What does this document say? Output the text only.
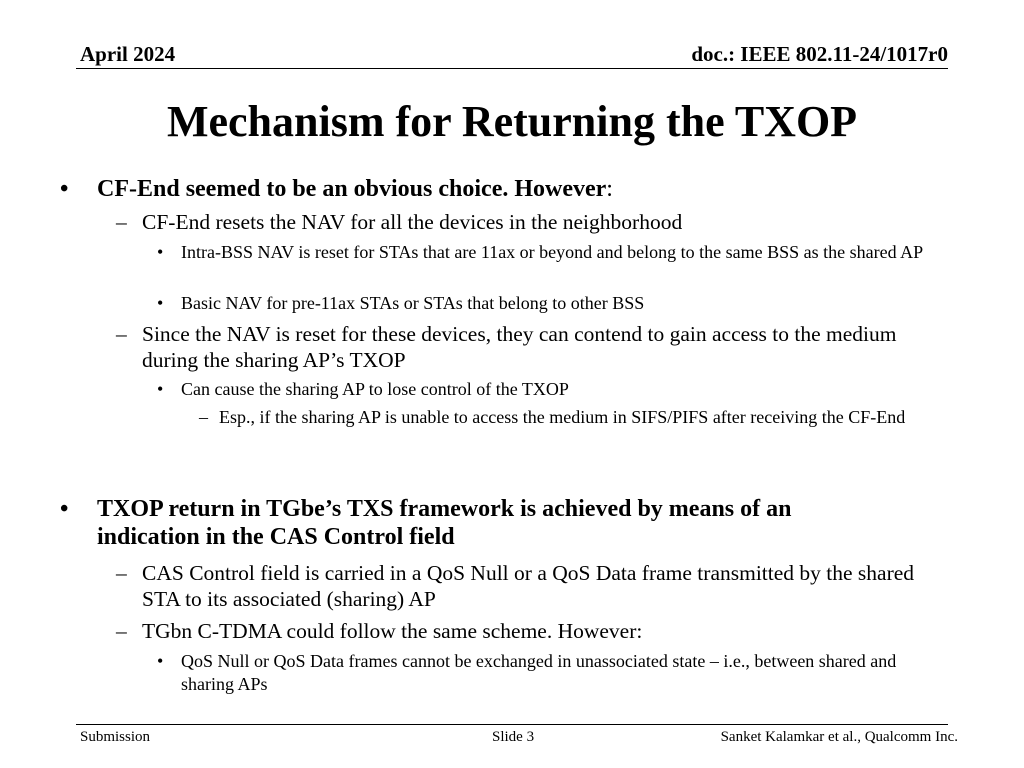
April 2024	doc.: IEEE 802.11-24/1017r0
Mechanism for Returning the TXOP
• CF-End seemed to be an obvious choice. However:
– CF-End resets the NAV for all the devices in the neighborhood
• Intra-BSS NAV is reset for STAs that are 11ax or beyond and belong to the same BSS as the shared AP
• Basic NAV for pre-11ax STAs or STAs that belong to other BSS
– Since the NAV is reset for these devices, they can contend to gain access to the medium during the sharing AP’s TXOP
• Can cause the sharing AP to lose control of the TXOP
– Esp., if the sharing AP is unable to access the medium in SIFS/PIFS after receiving the CF-End
• TXOP return in TGbe’s TXS framework is achieved by means of an indication in the CAS Control field
– CAS Control field is carried in a QoS Null or a QoS Data frame transmitted by the shared STA to its associated (sharing) AP
– TGbn C-TDMA could follow the same scheme. However:
• QoS Null or QoS Data frames cannot be exchanged in unassociated state – i.e., between shared and sharing APs
Submission	Slide 3	Sanket Kalamkar et al., Qualcomm Inc.
